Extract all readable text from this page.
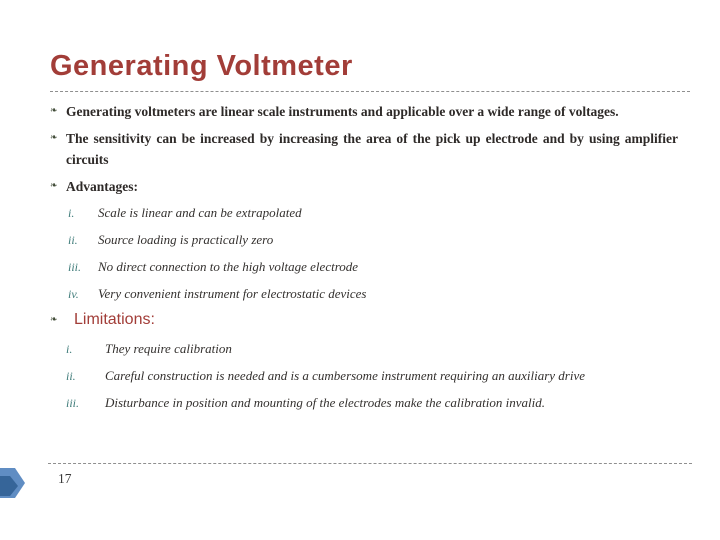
Generating Voltmeter
❧ Generating voltmeters are linear scale instruments and applicable over a wide range of voltages.
❧ The sensitivity can be increased by increasing the area of the pick up electrode and by using amplifier circuits
❧ Advantages:
i.	Scale is linear and can be extrapolated
ii.	Source loading is practically zero
iii.	No direct connection to the high voltage electrode
iv.	Very convenient instrument for electrostatic devices
❧	Limitations:
i.	They require calibration
ii.	Careful construction is needed and is a cumbersome instrument requiring an auxiliary drive
iii.	Disturbance in position and mounting of the electrodes make the calibration invalid.
17
